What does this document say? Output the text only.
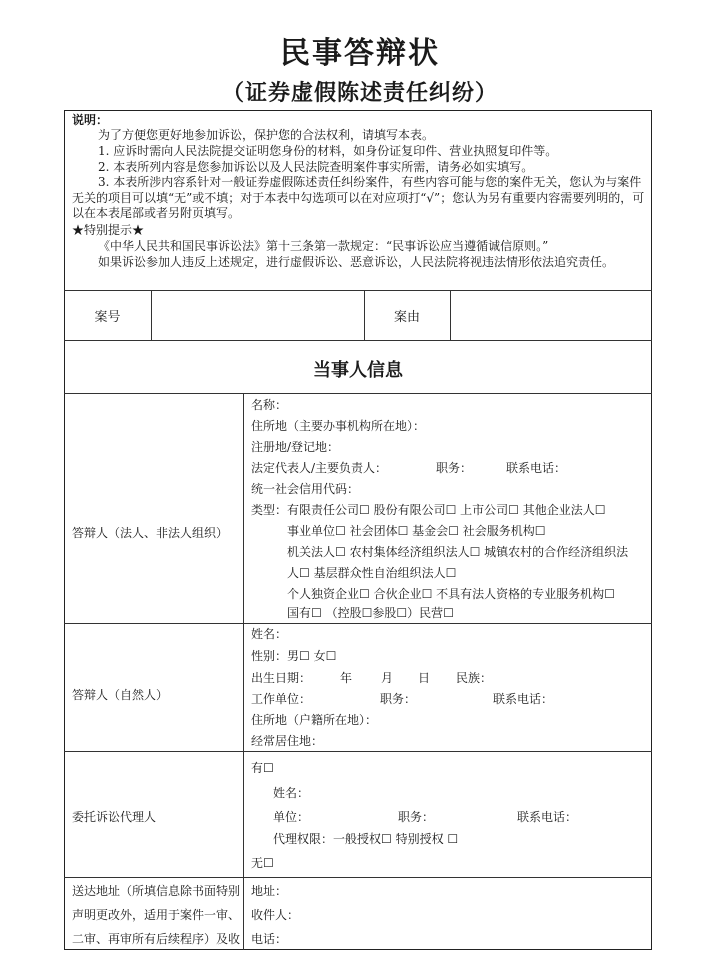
民事答辩状
（证券虚假陈述责任纠纷）
说明：
为了方便您更好地参加诉讼，保护您的合法权利，请填写本表。
1. 应诉时需向人民法院提交证明您身份的材料，如身份证复印件、营业执照复印件等。
2. 本表所列内容是您参加诉讼以及人民法院查明案件事实所需，请务必如实填写。
3. 本表所涉内容系针对一般证券虚假陈述责任纠纷案件，有些内容可能与您的案件无关，您认为与案件无关的项目可以填“无”或不填；对于本表中勾选项可以在对应项打“√”；您认为另有重要内容需要列明的，可以在本表尾部或者另附页填写。
★特别提示★
《中华人民共和国民事诉讼法》第十三条第一款规定：“民事诉讼应当遵循诚信原则。”
如果诉讼参加人违反上述规定，进行虚假诉讼、恶意诉讼，人民法院将视违法情形依法追究责任。
案号	案由
当事人信息
答辩人（法人、非法人组织）
名称：
住所地（主要办事机构所在地）：
注册地/登记地：
法定代表人/主要负责人：	职务：	联系电话：
统一社会信用代码：
类型：有限责任公司☐ 股份有限公司☐ 上市公司☐ 其他企业法人☐
事业单位☐ 社会团体☐ 基金会☐ 社会服务机构☐
机关法人☐ 农村集体经济组织法人☐ 城镇农村的合作经济组织法
人☐ 基层群众性自治组织法人☐
个人独资企业☐ 合伙企业☐ 不具有法人资格的专业服务机构☐
国有☐ （控股☐参股☐）民营☐
答辩人（自然人）
姓名：
性别：男☐ 女☐
出生日期： 年 月 日 民族：
工作单位：	职务：	联系电话：
住所地（户籍所在地）：
经常居住地：
委托诉讼代理人
有☐
姓名：
单位：	职务：	联系电话：
代理权限：一般授权☐ 特别授权 ☐
无☐
送达地址（所填信息除书面特别
声明更改外，适用于案件一审、
二审、再审所有后续程序）及收
地址：
收件人：
电话：
